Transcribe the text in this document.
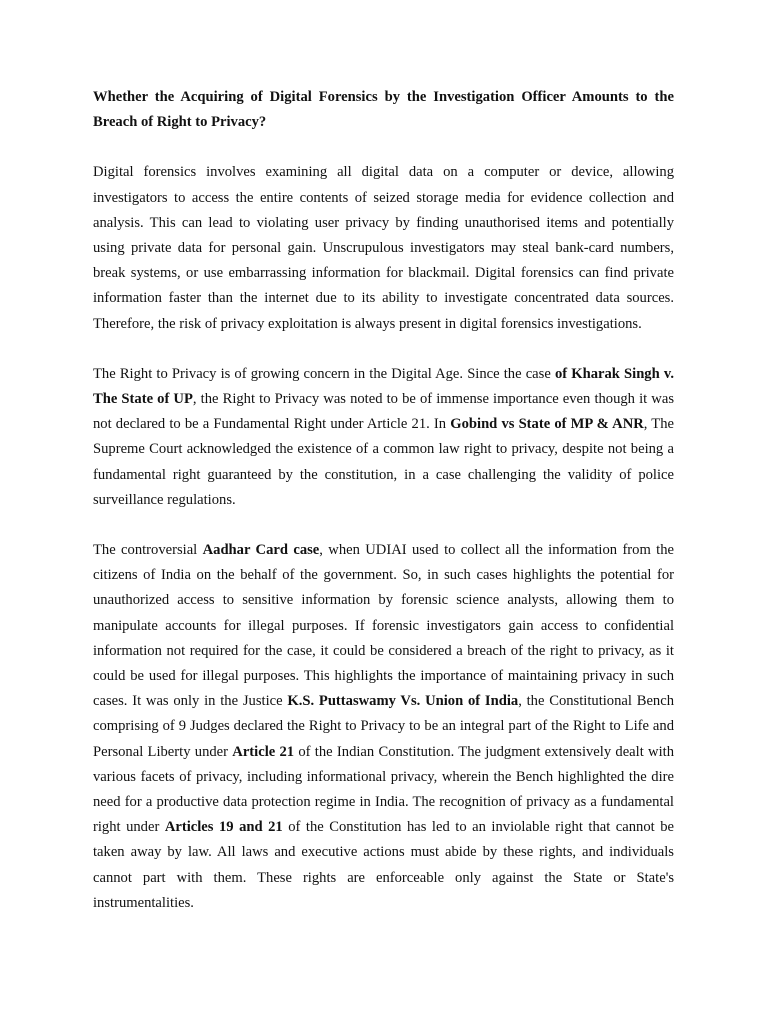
Whether the Acquiring of Digital Forensics by the Investigation Officer Amounts to the Breach of Right to Privacy?

Digital forensics involves examining all digital data on a computer or device, allowing investigators to access the entire contents of seized storage media for evidence collection and analysis. This can lead to violating user privacy by finding unauthorised items and potentially using private data for personal gain. Unscrupulous investigators may steal bank-card numbers, break systems, or use embarrassing information for blackmail. Digital forensics can find private information faster than the internet due to its ability to investigate concentrated data sources. Therefore, the risk of privacy exploitation is always present in digital forensics investigations.

The Right to Privacy is of growing concern in the Digital Age. Since the case of Kharak Singh v. The State of UP, the Right to Privacy was noted to be of immense importance even though it was not declared to be a Fundamental Right under Article 21. In Gobind vs State of MP & ANR, The Supreme Court acknowledged the existence of a common law right to privacy, despite not being a fundamental right guaranteed by the constitution, in a case challenging the validity of police surveillance regulations.

The controversial Aadhar Card case, when UDIAI used to collect all the information from the citizens of India on the behalf of the government. So, in such cases highlights the potential for unauthorized access to sensitive information by forensic science analysts, allowing them to manipulate accounts for illegal purposes. If forensic investigators gain access to confidential information not required for the case, it could be considered a breach of the right to privacy, as it could be used for illegal purposes. This highlights the importance of maintaining privacy in such cases. It was only in the Justice K.S. Puttaswamy Vs. Union of India, the Constitutional Bench comprising of 9 Judges declared the Right to Privacy to be an integral part of the Right to Life and Personal Liberty under Article 21 of the Indian Constitution. The judgment extensively dealt with various facets of privacy, including informational privacy, wherein the Bench highlighted the dire need for a productive data protection regime in India. The recognition of privacy as a fundamental right under Articles 19 and 21 of the Constitution has led to an inviolable right that cannot be taken away by law. All laws and executive actions must abide by these rights, and individuals cannot part with them. These rights are enforceable only against the State or State's instrumentalities.
